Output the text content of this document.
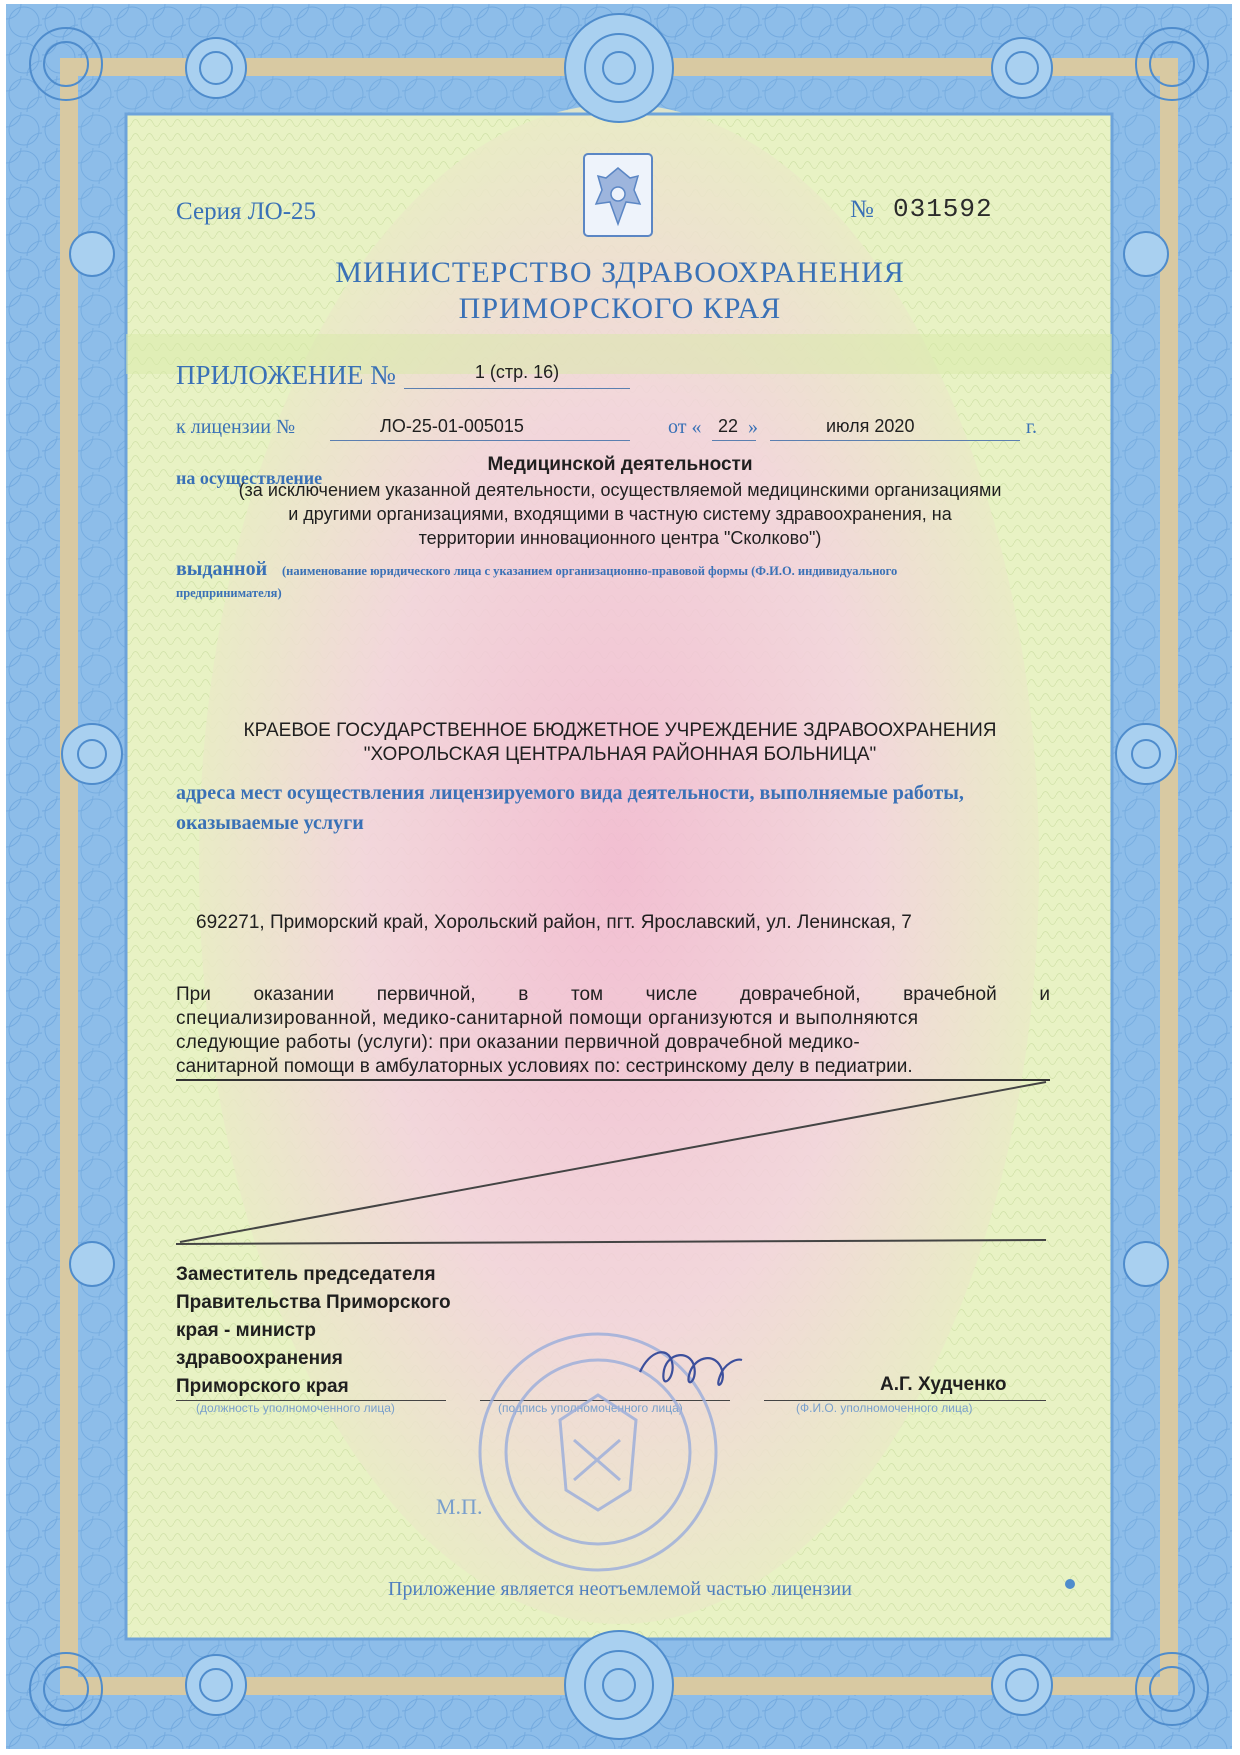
Серия ЛО-25	№ 031592
МИНИСТЕРСТВО ЗДРАВООХРАНЕНИЯ
ПРИМОРСКОГО КРАЯ
ПРИЛОЖЕНИЕ №	1 (стр. 16)
к лицензии №	ЛО-25-01-005015	от « 22 »	июля 2020	г.
Медицинской деятельности
на осуществление
(за исключением указанной деятельности, осуществляемой медицинскими организациями
и другими организациями, входящими в частную систему здравоохранения, на
территории инновационного центра "Сколково")
выданной (наименование юридического лица с указанием организационно-правовой формы (Ф.И.О. индивидуального
предпринимателя)
КРАЕВОЕ ГОСУДАРСТВЕННОЕ БЮДЖЕТНОЕ УЧРЕЖДЕНИЕ ЗДРАВООХРАНЕНИЯ
"ХОРОЛЬСКАЯ ЦЕНТРАЛЬНАЯ РАЙОННАЯ БОЛЬНИЦА"
адреса мест осуществления лицензируемого вида деятельности, выполняемые работы,
оказываемые услуги
692271, Приморский край, Хорольский район, пгт. Ярославский, ул. Ленинская, 7
При оказании первичной, в том числе доврачебной, врачебной и
специализированной, медико-санитарной помощи организуются и выполняются
следующие работы (услуги): при оказании первичной доврачебной медико-
санитарной помощи в амбулаторных условиях по: сестринскому делу в педиатрии.
Заместитель председателя
Правительства Приморского
края - министр
здравоохранения
Приморского края
(должность уполномоченного лица)	(подпись уполномоченного лица)
А.Г. Худченко
(Ф.И.О. уполномоченного лица)
М.П.
Приложение является неотъемлемой частью лицензии
